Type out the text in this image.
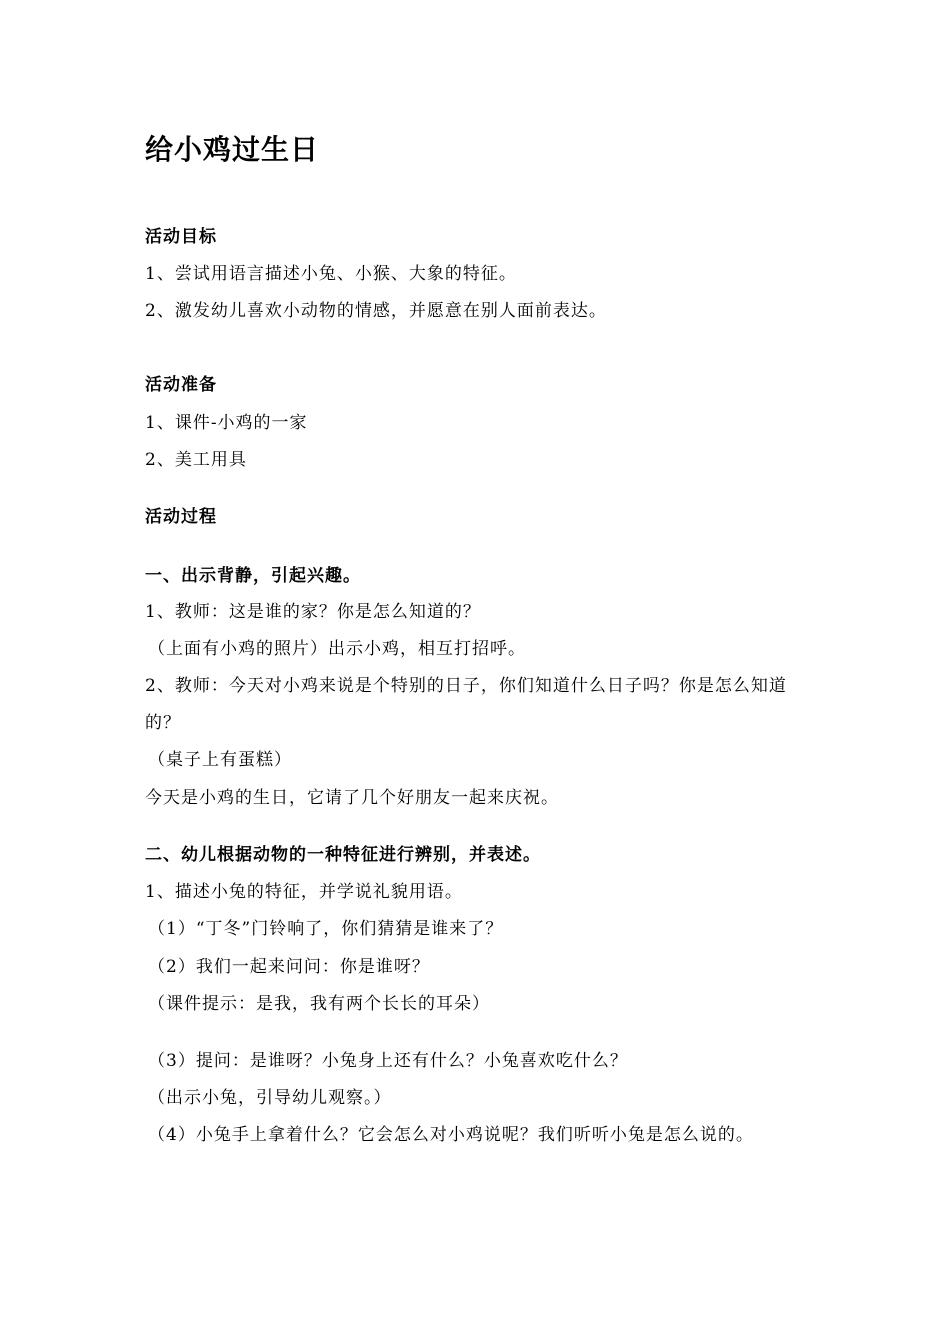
给小鸡过生日
活动目标
1、尝试用语言描述小兔、小猴、大象的特征。
2、激发幼儿喜欢小动物的情感，并愿意在别人面前表达。
活动准备
1、课件-小鸡的一家
2、美工用具
活动过程
一、出示背静，引起兴趣。
1、教师：这是谁的家？你是怎么知道的？
（上面有小鸡的照片）出示小鸡，相互打招呼。
2、教师：今天对小鸡来说是个特别的日子，你们知道什么日子吗？你是怎么知道
的？
（桌子上有蛋糕）
今天是小鸡的生日，它请了几个好朋友一起来庆祝。
二、幼儿根据动物的一种特征进行辨别，并表述。
1、描述小兔的特征，并学说礼貌用语。
（1）“丁冬”门铃响了，你们猜猜是谁来了？
（2）我们一起来问问：你是谁呀？
（课件提示：是我，我有两个长长的耳朵）
（3）提问：是谁呀？小兔身上还有什么？小兔喜欢吃什么？
（出示小兔，引导幼儿观察。）
（4）小兔手上拿着什么？它会怎么对小鸡说呢？我们听听小兔是怎么说的。
